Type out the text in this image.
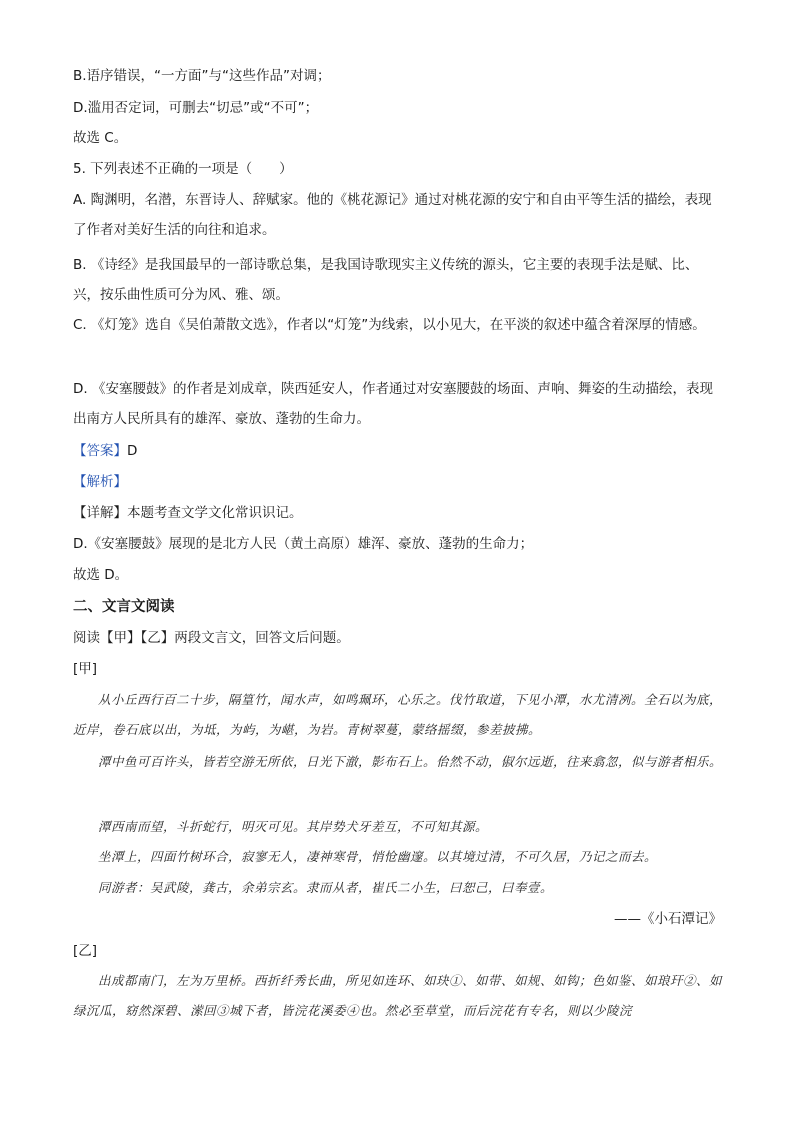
B.语序错误，“一方面”与“这些作品”对调；
D.滥用否定词，可删去“切忌”或“不可”；
故选 C。
5. 下列表述不正确的一项是（　　）
A. 陶渊明，名潜，东晋诗人、辞赋家。他的《桃花源记》通过对桃花源的安宁和自由平等生活的描绘，表现了作者对美好生活的向往和追求。
B. 《诗经》是我国最早的一部诗歌总集，是我国诗歌现实主义传统的源头，它主要的表现手法是赋、比、兴，按乐曲性质可分为风、雅、颂。
C. 《灯笼》选自《吴伯萧散文选》，作者以“灯笼”为线索，以小见大，在平淡的叙述中蕴含着深厚的情感。
D. 《安塞腰鼓》的作者是刘成章，陕西延安人，作者通过对安塞腰鼓的场面、声响、舞姿的生动描绘，表现出南方人民所具有的雄浑、豪放、蓬勃的生命力。
【答案】D
【解析】
【详解】本题考查文学文化常识识记。
D.《安塞腰鼓》展现的是北方人民（黄土高原）雄浑、豪放、蓬勃的生命力；
故选 D。
二、文言文阅读
阅读【甲】【乙】两段文言文，回答文后问题。
[甲]
从小丘西行百二十步，隔篁竹，闻水声，如鸣珮环，心乐之。伐竹取道，下见小潭，水尤清冽。全石以为底，近岸，卷石底以出，为坻，为屿，为嵁，为岩。青树翠蔓，蒙络摇缀，参差披拂。
潭中鱼可百许头，皆若空游无所依，日光下澈，影布石上。佁然不动，俶尔远逝，往来翕忽，似与游者相乐。
潭西南而望，斗折蛇行，明灭可见。其岸势犬牙差互，不可知其源。
坐潭上，四面竹树环合，寂寥无人，凄神寒骨，悄怆幽邃。以其境过清，不可久居，乃记之而去。
同游者：吴武陵，龚古，余弟宗玄。隶而从者，崔氏二小生，曰恕己，曰奉壹。
——《小石潭记》
[乙]
出成都南门，左为万里桥。西折纤秀长曲，所见如连环、如玦①、如带、如规、如钩；色如鉴、如琅玕②、如绿沉瓜，窈然深碧、潆回③城下者，皆浣花溪委④也。然必至草堂，而后浣花有专名，则以少陵浣
